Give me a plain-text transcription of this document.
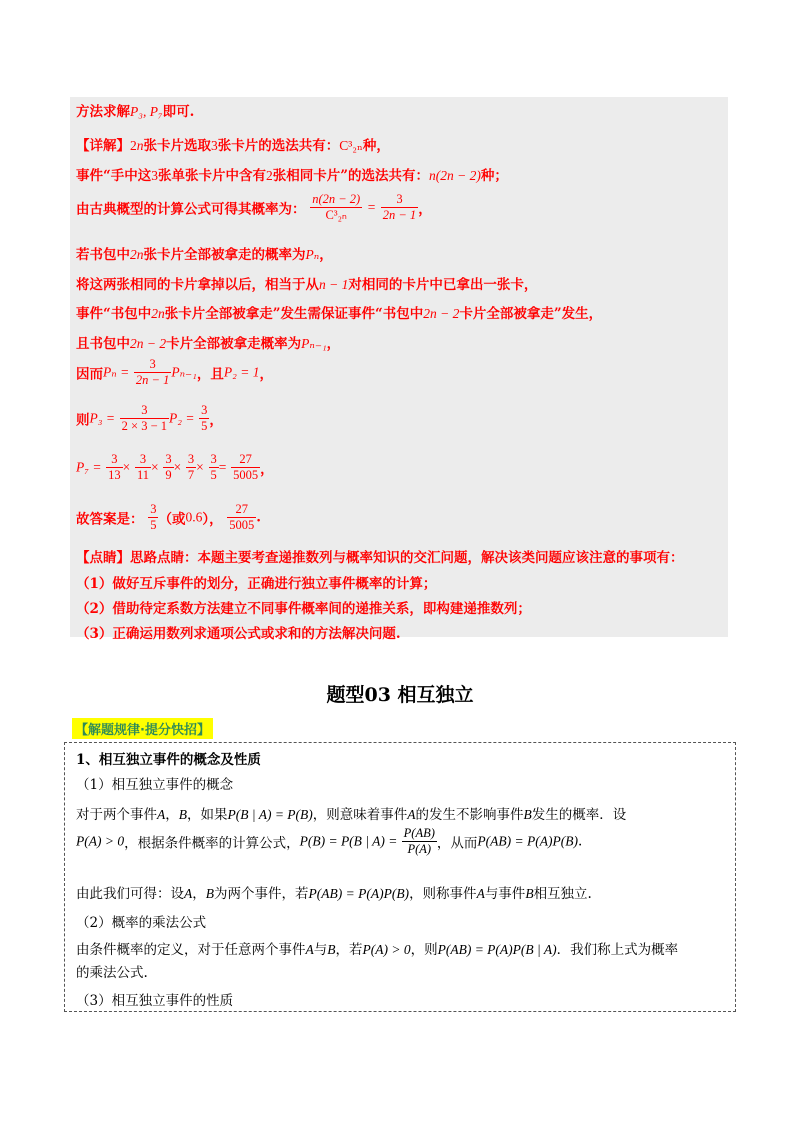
方法求解P₃, P₇即可.
【详解】2n张卡片选取3张卡片的选法共有：C³₂ₙ种，
事件“手中这3张单张卡片中含有2张相同卡片”的选法共有：n(2n − 2)种；
由古典概型的计算公式可得其概率为： $\frac{n(2n - 2)}{\text{C³₂ₙ}} = \frac{3}{2n - 1}$ ，
若书包中2n张卡片全部被拿走的概率为Pₙ，
将这两张相同的卡片拿掉以后，相当于从n − 1对相同的卡片中已拿出一张卡，
事件“书包中2n张卡片全部被拿走”发生需保证事件“书包中2n − 2卡片全部被拿走”发生，
且书包中2n − 2卡片全部被拿走概率为Pₙ₋₁，
因而$P_n = \frac{3}{2n - 1} P_{n-1}$，且P₂ = 1，
则$P_3 = \frac{3}{2 \times 3 - 1} P_2 = \frac{3}{5}$ ，
$P_7 = \frac{3}{13} \times \frac{3}{11} \times \frac{3}{9} \times \frac{3}{7} \times \frac{3}{5} = \frac{27}{5005}$ ，
故答案是： $\frac{3}{5}$ （或0.6）， $\frac{27}{5005}$ .
【点睛】思路点睛：本题主要考查递推数列与概率知识的交汇问题，解决该类问题应该注意的事项有：
（1）做好互斥事件的划分，正确进行独立事件概率的计算；
（2）借助待定系数方法建立不同事件概率间的递推关系，即构建递推数列；
（3）正确运用数列求通项公式或求和的方法解决问题.
题型03 相互独立
【解题规律·提分快招】
1、相互独立事件的概念及性质
（1）相互独立事件的概念
对于两个事件A，B，如果P(B | A) = P(B)，则意味着事件A的发生不影响事件B发生的概率．设
P(A) > 0，根据条件概率的计算公式，P(B) = P(B | $A) = \frac{P(AB)}{P(A)}$ ，从而P(AB) = P(A)P(B).
由此我们可得：设A，B为两个事件，若P(AB) = P(A)P(B)，则称事件A与事件B相互独立.
（2）概率的乘法公式
由条件概率的定义，对于任意两个事件A与B，若P(A) > 0，则P(AB) = P(A)P(B | A)．我们称上式为概率
的乘法公式.
（3）相互独立事件的性质
